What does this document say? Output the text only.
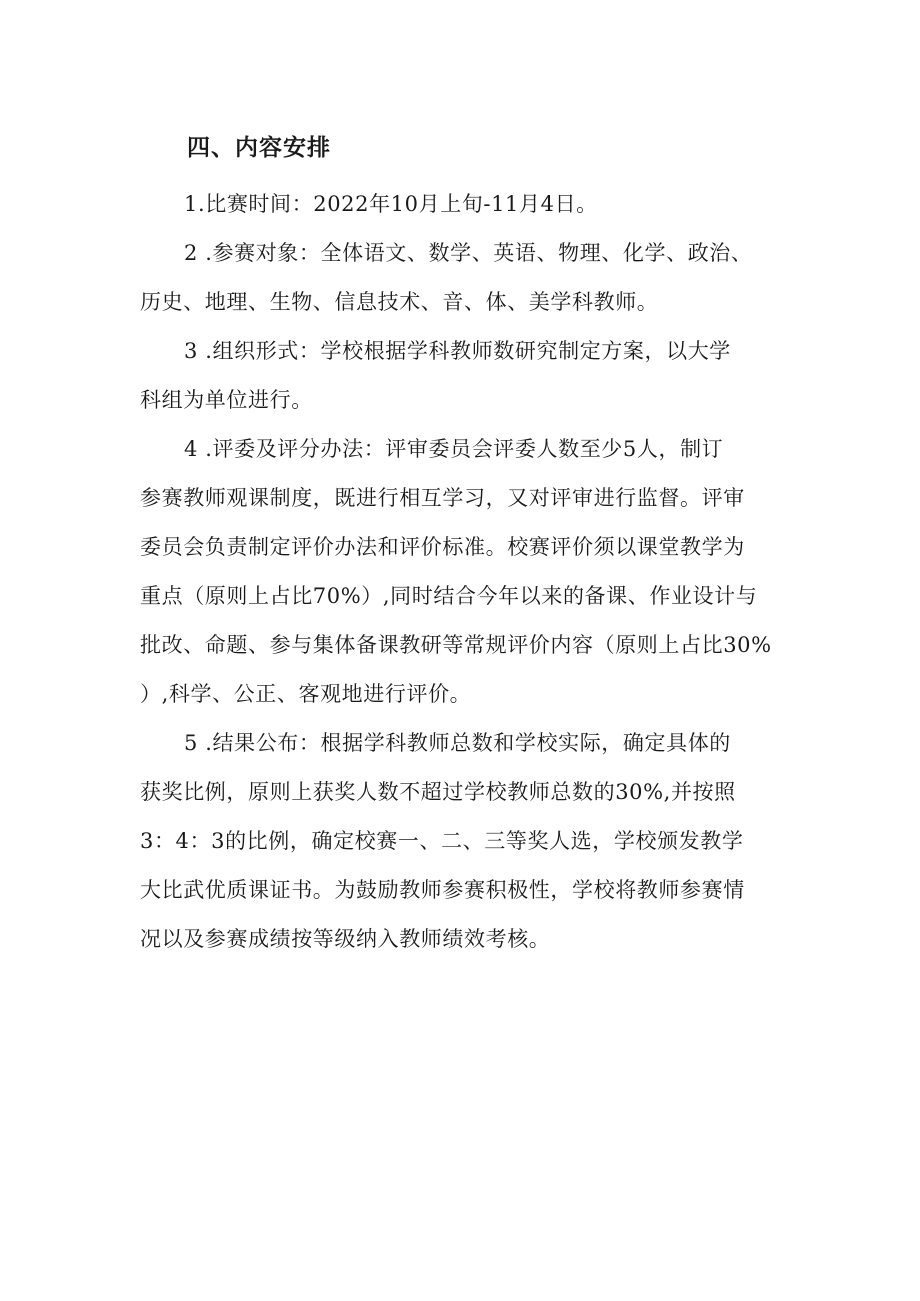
四、内容安排

1.比赛时间：2022年10月上旬-11月4日。

2 .参赛对象：全体语文、数学、英语、物理、化学、政治、
历史、地理、生物、信息技术、音、体、美学科教师。

3 .组织形式：学校根据学科教师数研究制定方案，以大学
科组为单位进行。

4 .评委及评分办法：评审委员会评委人数至少5人，制订
参赛教师观课制度，既进行相互学习，又对评审进行监督。评审
委员会负责制定评价办法和评价标准。校赛评价须以课堂教学为
重点（原则上占比70%）,同时结合今年以来的备课、作业设计与
批改、命题、参与集体备课教研等常规评价内容（原则上占比30%
）,科学、公正、客观地进行评价。

5 .结果公布：根据学科教师总数和学校实际，确定具体的
获奖比例，原则上获奖人数不超过学校教师总数的30%,并按照
3：4：3的比例，确定校赛一、二、三等奖人选，学校颁发教学
大比武优质课证书。为鼓励教师参赛积极性，学校将教师参赛情
况以及参赛成绩按等级纳入教师绩效考核。
